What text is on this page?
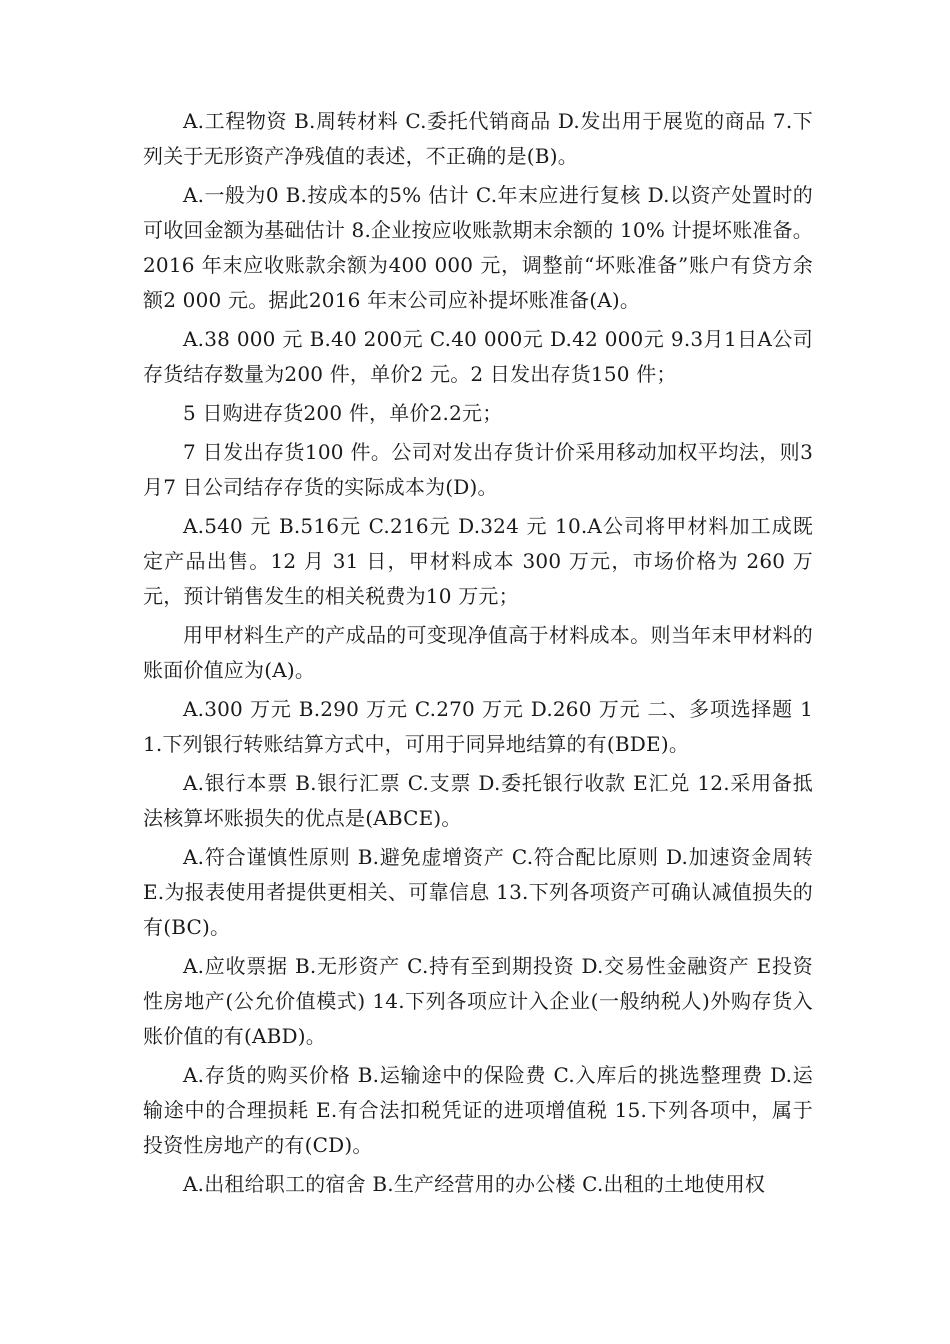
A.工程物资 B.周转材料 C.委托代销商品 D.发出用于展览的商品 7.下列关于无形资产净残值的表述，不正确的是(B)。

A.一般为0 B.按成本的5% 估计 C.年末应进行复核 D.以资产处置时的可收回金额为基础估计 8.企业按应收账款期末余额的 10% 计提坏账准备。2016 年末应收账款余额为400 000 元，调整前“坏账准备”账户有贷方余额2 000 元。据此2016 年末公司应补提坏账准备(A)。

A.38 000 元 B.40 200元 C.40 000元 D.42 000元 9.3月1日A公司存货结存数量为200 件，单价2 元。2 日发出存货150 件；

5 日购进存货200 件，单价2.2元；

7 日发出存货100 件。公司对发出存货计价采用移动加权平均法，则3 月7 日公司结存存货的实际成本为(D)。

A.540 元 B.516元 C.216元 D.324 元 10.A公司将甲材料加工成既定产品出售。12 月 31 日，甲材料成本 300 万元，市场价格为 260 万元，预计销售发生的相关税费为10 万元；

用甲材料生产的产成品的可变现净值高于材料成本。则当年末甲材料的账面价值应为(A)。

A.300 万元 B.290 万元 C.270 万元 D.260 万元 二、多项选择题 11.下列银行转账结算方式中，可用于同异地结算的有(BDE)。

A.银行本票 B.银行汇票 C.支票 D.委托银行收款 E汇兑 12.采用备抵法核算坏账损失的优点是(ABCE)。

A.符合谨慎性原则 B.避免虚增资产 C.符合配比原则 D.加速资金周转 E.为报表使用者提供更相关、可靠信息 13.下列各项资产可确认减值损失的有(BC)。

A.应收票据 B.无形资产 C.持有至到期投资 D.交易性金融资产 E投资性房地产(公允价值模式) 14.下列各项应计入企业(一般纳税人)外购存货入账价值的有(ABD)。

A.存货的购买价格 B.运输途中的保险费 C.入库后的挑选整理费 D.运输途中的合理损耗 E.有合法扣税凭证的进项增值税 15.下列各项中，属于投资性房地产的有(CD)。

A.出租给职工的宿舍 B.生产经营用的办公楼 C.出租的土地使用权
